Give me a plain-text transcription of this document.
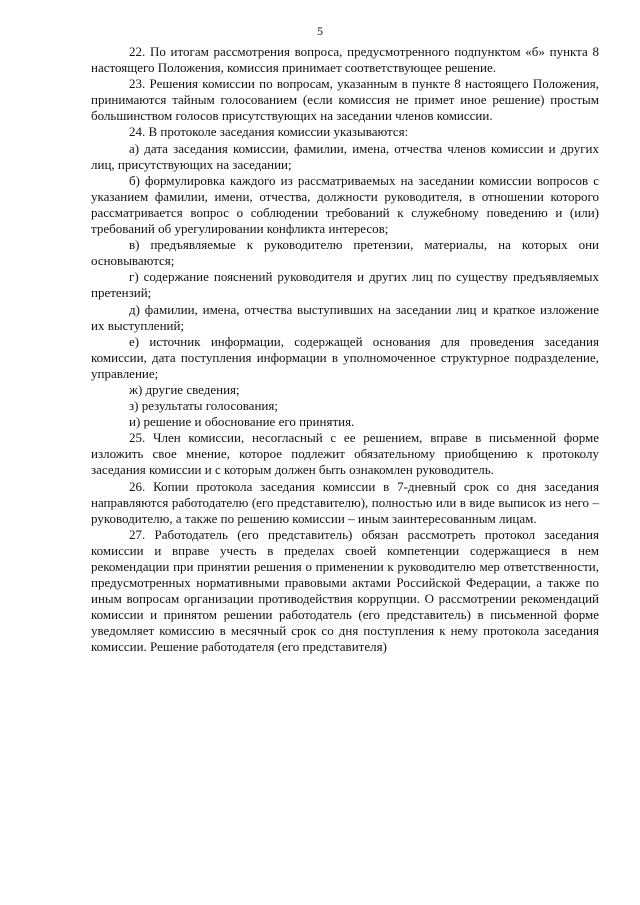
5

22. По итогам рассмотрения вопроса, предусмотренного подпунктом «б» пункта 8 настоящего Положения, комиссия принимает соответствующее решение.

23. Решения комиссии по вопросам, указанным в пункте 8 настоящего Положения, принимаются тайным голосованием (если комиссия не примет иное решение) простым большинством голосов присутствующих на заседании членов комиссии.

24. В протоколе заседания комиссии указываются:

а) дата заседания комиссии, фамилии, имена, отчества членов комиссии и других лиц, присутствующих на заседании;

б) формулировка каждого из рассматриваемых на заседании комиссии вопросов с указанием фамилии, имени, отчества, должности руководителя, в отношении которого рассматривается вопрос о соблюдении требований к служебному поведению и (или) требований об урегулировании конфликта интересов;

в) предъявляемые к руководителю претензии, материалы, на которых они основываются;

г) содержание пояснений руководителя и других лиц по существу предъявляемых претензий;

д) фамилии, имена, отчества выступивших на заседании лиц и краткое изложение их выступлений;

е) источник информации, содержащей основания для проведения заседания комиссии, дата поступления информации в уполномоченное структурное подразделение, управление;

ж) другие сведения;

з) результаты голосования;

и) решение и обоснование его принятия.

25. Член комиссии, несогласный с ее решением, вправе в письменной форме изложить свое мнение, которое подлежит обязательному приобщению к протоколу заседания комиссии и с которым должен быть ознакомлен руководитель.

26. Копии протокола заседания комиссии в 7-дневный срок со дня заседания направляются работодателю (его представителю), полностью или в виде выписок из него – руководителю, а также по решению комиссии – иным заинтересованным лицам.

27. Работодатель (его представитель) обязан рассмотреть протокол заседания комиссии и вправе учесть в пределах своей компетенции содержащиеся в нем рекомендации при принятии решения о применении к руководителю мер ответственности, предусмотренных нормативными правовыми актами Российской Федерации, а также по иным вопросам организации противодействия коррупции. О рассмотрении рекомендаций комиссии и принятом решении работодатель (его представитель) в письменной форме уведомляет комиссию в месячный срок со дня поступления к нему протокола заседания комиссии. Решение работодателя (его представителя)
